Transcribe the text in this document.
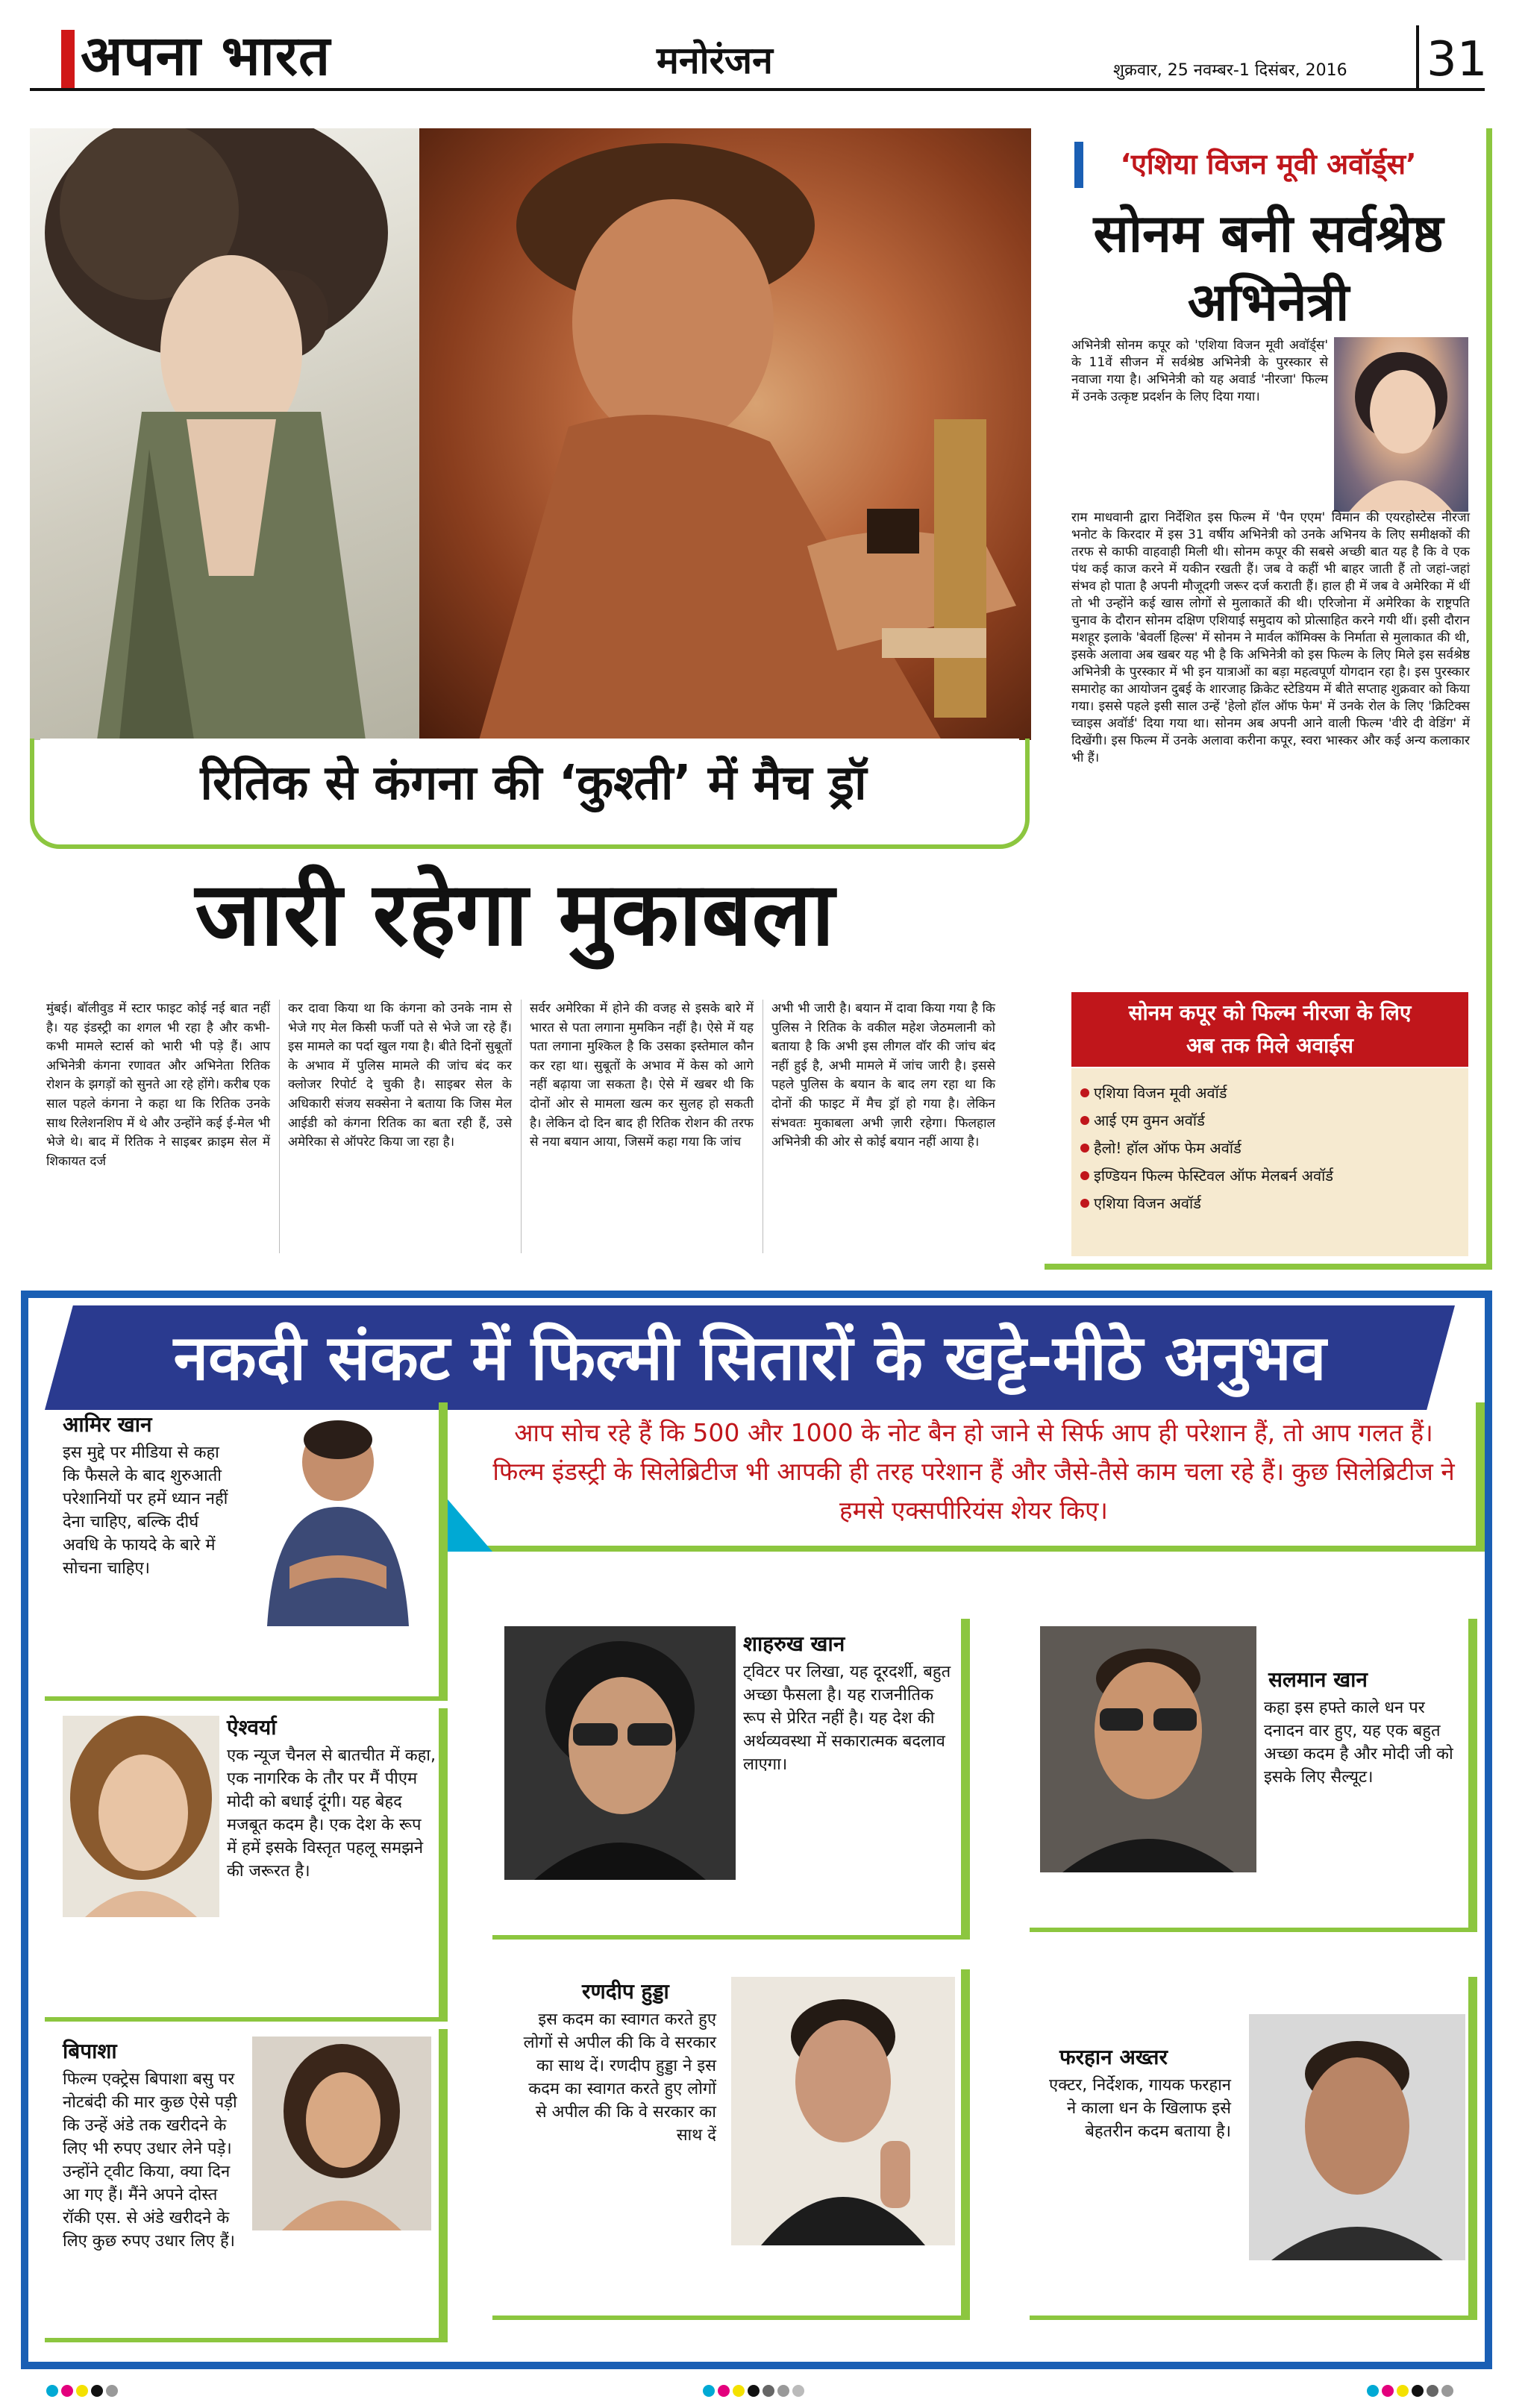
अपना भारत	मनोरंजन	शुक्रवार, 25 नवम्बर-1 दिसंबर, 2016 31
रितिक से कंगना की ‘कुश्ती’ में मैच ड्रॉ
जारी रहेगा मुकाबला
मुंबई। बॉलीवुड में स्टार फाइट कोई नई बात नहीं है। यह इंडस्ट्री का शगल भी रहा है और कभी-कभी मामले स्टार्स को भारी भी पड़े हैं। आप अभिनेत्री कंगना रणावत और अभिनेता रितिक रोशन के झगड़ों को सुनते आ रहे होंगे। करीब एक साल पहले कंगना ने कहा था कि रितिक उनके साथ रिलेशनशिप में थे और उन्होंने कई ई-मेल भी भेजे थे। बाद में रितिक ने साइबर क्राइम सेल में शिकायत दर्ज
कर दावा किया था कि कंगना को उनके नाम से भेजे गए मेल किसी फर्जी पते से भेजे जा रहे हैं। इस मामले का पर्दा खुल गया है। बीते दिनों सुबूतों के अभाव में पुलिस मामले की जांच बंद कर क्लोजर रिपोर्ट दे चुकी है। साइबर सेल के अधिकारी संजय सक्सेना ने बताया कि जिस मेल आईडी को कंगना रितिक का बता रही हैं, उसे अमेरिका से ऑपरेट किया जा रहा है।
सर्वर अमेरिका में होने की वजह से इसके बारे में भारत से पता लगाना मुमकिन नहीं है। ऐसे में यह पता लगाना मुश्किल है कि उसका इस्तेमाल कौन कर रहा था। सुबूतों के अभाव में केस को आगे नहीं बढ़ाया जा सकता है। ऐसे में खबर थी कि दोनों ओर से मामला खत्म कर सुलह हो सकती है। लेकिन दो दिन बाद ही रितिक रोशन की तरफ से नया बयान आया, जिसमें कहा गया कि जांच
अभी भी जारी है। बयान में दावा किया गया है कि पुलिस ने रितिक के वकील महेश जेठमलानी को बताया है कि अभी इस लीगल वॉर की जांच बंद नहीं हुई है, अभी मामले में जांच जारी है। इससे पहले पुलिस के बयान के बाद लग रहा था कि दोनों की फाइट में मैच ड्रॉ हो गया है। लेकिन संभवतः मुकाबला अभी ज़ारी रहेगा। फिलहाल अभिनेत्री की ओर से कोई बयान नहीं आया है।
‘एशिया विजन मूवी अवॉर्ड्स’
सोनम बनी सर्वश्रेष्ठ
अभिनेत्री
अभिनेत्री सोनम कपूर को 'एशिया विजन मूवी अवॉर्ड्स' के 11वें सीजन में सर्वश्रेष्ठ अभिनेत्री के पुरस्कार से नवाजा गया है। अभिनेत्री को यह अवार्ड 'नीरजा' फिल्म में उनके उत्कृष्ट प्रदर्शन के लिए दिया गया।
राम माधवानी द्वारा निर्देशित इस फिल्म में 'पैन एएम' विमान की एयरहोस्टेस नीरजा भनोट के किरदार में इस 31 वर्षीय अभिनेत्री को उनके अभिनय के लिए समीक्षकों की तरफ से काफी वाहवाही मिली थी। सोनम कपूर की सबसे अच्छी बात यह है कि वे एक पंथ कई काज करने में यकीन रखती हैं। जब वे कहीं भी बाहर जाती हैं तो जहां-जहां संभव हो पाता है अपनी मौजूदगी जरूर दर्ज कराती हैं। हाल ही में जब वे अमेरिका में थीं तो भी उन्होंने कई खास लोगों से मुलाकातें की थी। एरिजोना में अमेरिका के राष्ट्रपति चुनाव के दौरान सोनम दक्षिण एशियाई समुदाय को प्रोत्साहित करने गयी थीं। इसी दौरान मशहूर इलाके 'बेवर्ली हिल्स' में सोनम ने मार्वल कॉमिक्स के निर्माता से मुलाकात की थी, इसके अलावा अब खबर यह भी है कि अभिनेत्री को इस फिल्म के लिए मिले इस सर्वश्रेष्ठ अभिनेत्री के पुरस्कार में भी इन यात्राओं का बड़ा महत्वपूर्ण योगदान रहा है। इस पुरस्कार समारोह का आयोजन दुबई के शारजाह क्रिकेट स्टेडियम में बीते सप्ताह शुक्रवार को किया गया। इससे पहले इसी साल उन्हें 'हेलो हॉल ऑफ फेम' में उनके रोल के लिए 'क्रिटिक्स च्वाइस अवॉर्ड' दिया गया था। सोनम अब अपनी आने वाली फिल्म 'वीरे दी वेडिंग' में दिखेंगी। इस फिल्म में उनके अलावा करीना कपूर, स्वरा भास्कर और कई अन्य कलाकार भी हैं।
सोनम कपूर को फिल्म नीरजा के लिए
अब तक मिले अवाईस
एशिया विजन मूवी अवॉर्ड
आई एम वुमन अवॉर्ड
हैलो! हॉल ऑफ फेम अवॉर्ड
इण्डियन फिल्म फेस्टिवल ऑफ मेलबर्न अवॉर्ड
एशिया विजन अवॉर्ड
नकदी संकट में फिल्मी सितारों के खट्टे-मीठे अनुभव
आप सोच रहे हैं कि 500 और 1000 के नोट बैन हो जाने से सिर्फ आप ही परेशान हैं, तो आप गलत हैं। फिल्म इंडस्ट्री के सिलेब्रिटीज भी आपकी ही तरह परेशान हैं और जैसे-तैसे काम चला रहे हैं। कुछ सिलेब्रिटीज ने हमसे एक्सपीरियंस शेयर किए।
आमिर खान
इस मुद्दे पर मीडिया से कहा कि फैसले के बाद शुरुआती परेशानियों पर हमें ध्यान नहीं देना चाहिए, बल्कि दीर्घ अवधि के फायदे के बारे में सोचना चाहिए।
ऐश्वर्या
एक न्यूज चैनल से बातचीत में कहा, एक नागरिक के तौर पर मैं पीएम मोदी को बधाई दूंगी। यह बेहद मजबूत कदम है। एक देश के रूप में हमें इसके विस्तृत पहलू समझने की जरूरत है।
बिपाशा
फिल्म एक्ट्रेस बिपाशा बसु पर नोटबंदी की मार कुछ ऐसे पड़ी कि उन्हें अंडे तक खरीदने के लिए भी रुपए उधार लेने पड़े। उन्होंने ट्वीट किया, क्या दिन आ गए हैं। मैंने अपने दोस्त रॉकी एस. से अंडे खरीदने के लिए कुछ रुपए उधार लिए हैं।
शाहरुख खान
ट्विटर पर लिखा, यह दूरदर्शी, बहुत अच्छा फैसला है। यह राजनीतिक रूप से प्रेरित नहीं है। यह देश की अर्थव्यवस्था में सकारात्मक बदलाव लाएगा।
रणदीप हुड्डा
इस कदम का स्वागत करते हुए लोगों से अपील की कि वे सरकार का साथ दें। रणदीप हुड्डा ने इस कदम का स्वागत करते हुए लोगों से अपील की कि वे सरकार का साथ दें
सलमान खान
कहा इस हफ्ते काले धन पर दनादन वार हुए, यह एक बहुत अच्छा कदम है और मोदी जी को इसके लिए सैल्यूट।
फरहान अख्तर
एक्टर, निर्देशक, गायक फरहान ने काला धन के खिलाफ इसे बेहतरीन कदम बताया है।
